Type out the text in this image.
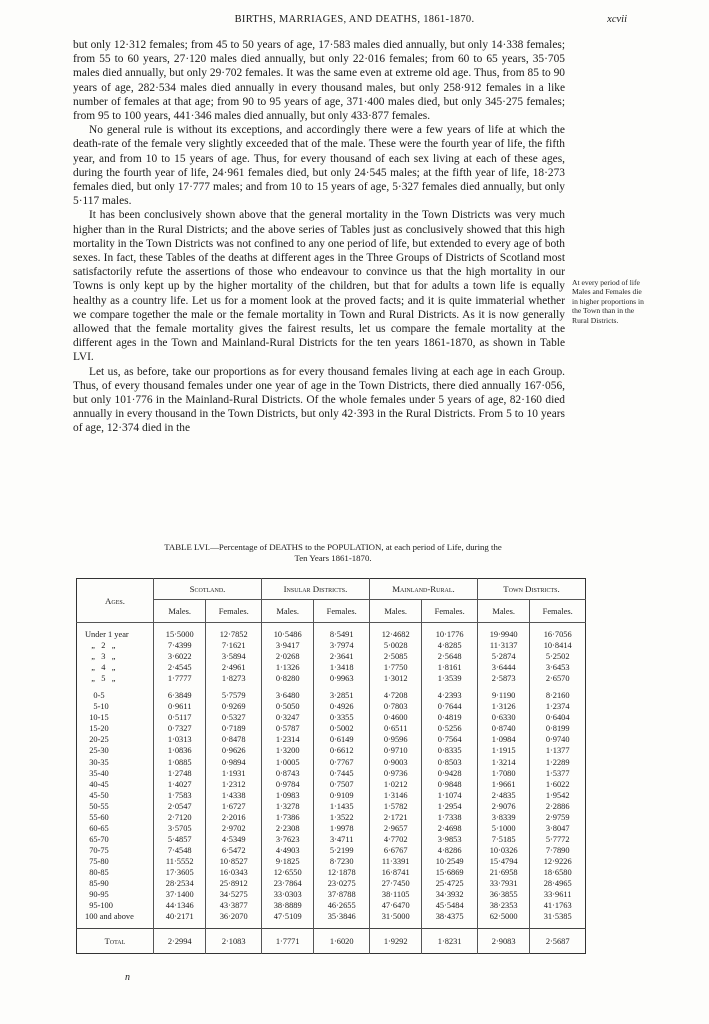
BIRTHS, MARRIAGES, AND DEATHS, 1861-1870.	xcvii

but only 12·312 females; from 45 to 50 years of age, 17·583 males died annually, but only 14·338 females; from 55 to 60 years, 27·120 males died annually, but only 22·016 females; from 60 to 65 years, 35·705 males died annually, but only 29·702 females. It was the same even at extreme old age. Thus, from 85 to 90 years of age, 282·534 males died annually in every thousand males, but only 258·912 females in a like number of females at that age; from 90 to 95 years of age, 371·400 males died, but only 345·275 females; from 95 to 100 years, 441·346 males died annually, but only 433·877 females.

No general rule is without its exceptions, and accordingly there were a few years of life at which the death-rate of the female very slightly exceeded that of the male. These were the fourth year of life, the fifth year, and from 10 to 15 years of age. Thus, for every thousand of each sex living at each of these ages, during the fourth year of life, 24·961 females died, but only 24·545 males; at the fifth year of life, 18·273 females died, but only 17·777 males; and from 10 to 15 years of age, 5·327 females died annually, but only 5·117 males.

It has been conclusively shown above that the general mortality in the Town Districts was very much higher than in the Rural Districts; and the above series of Tables just as conclusively showed that this high mortality in the Town Districts was not confined to any one period of life, but extended to every age of both sexes. In fact, these Tables of the deaths at different ages in the Three Groups of Districts of Scotland most satisfactorily refute the assertions of those who endeavour to convince us that the high mortality in our Towns is only kept up by the higher mortality of the children, but that for adults a town life is equally healthy as a country life. Let us for a moment look at the proved facts; and it is quite immaterial whether we compare together the male or the female mortality in Town and Rural Districts. As it is now generally allowed that the female mortality gives the fairest results, let us compare the female mortality at the different ages in the Town and Mainland-Rural Districts for the ten years 1861-1870, as shown in Table LVI.

Let us, as before, take our proportions as for every thousand females living at each age in each Group. Thus, of every thousand females under one year of age in the Town Districts, there died annually 167·056, but only 101·776 in the Mainland-Rural Districts. Of the whole females under 5 years of age, 82·160 died annually in every thousand in the Town Districts, but only 42·393 in the Rural Districts. From 5 to 10 years of age, 12·374 died in the

At every period of life Males and Females die in higher proportions in the Town than in the Rural Districts.
TABLE LVI.—Percentage of DEATHS to the POPULATION, at each period of Life, during the
Ten Years 1861-1870.
Ages.	Scotland.		Insular Districts.		Mainland-Rural.		Town Districts.	
	Males.	Females.	Males.	Females.	Males.	Females.	Males.	Females.

Under 1 year	15·5000	12·7852	10·5486	8·5491	12·4682	10·1776	19·9940	16·7056
„   2   „	7·4399	7·1621	3·9417	3·7974	5·0028	4·8285	11·3137	10·8414
„   3   „	3·6022	3·5894	2·0268	2·3641	2·5085	2·5648	5·2874	5·2502
„   4   „	2·4545	2·4961	1·1326	1·3418	1·7750	1·8161	3·6444	3·6453
„   5   „	1·7777	1·8273	0·8280	0·9963	1·3012	1·3539	2·5873	2·6570

0-5	6·3849	5·7579	3·6480	3·2851	4·7208	4·2393	9·1190	8·2160
5-10	0·9611	0·9269	0·5050	0·4926	0·7803	0·7644	1·3126	1·2374
10-15	0·5117	0·5327	0·3247	0·3355	0·4600	0·4819	0·6330	0·6404
15-20	0·7327	0·7189	0·5787	0·5002	0·6511	0·5256	0·8740	0·8199
20-25	1·0313	0·8478	1·2314	0·6149	0·9596	0·7564	1·0984	0·9740
25-30	1·0836	0·9626	1·3200	0·6612	0·9710	0·8335	1·1915	1·1377
30-35	1·0885	0·9894	1·0005	0·7767	0·9003	0·8503	1·3214	1·2289
35-40	1·2748	1·1931	0·8743	0·7445	0·9736	0·9428	1·7080	1·5377
40-45	1·4027	1·2312	0·9784	0·7507	1·0212	0·9848	1·9661	1·6022
45-50	1·7583	1·4338	1·0983	0·9109	1·3146	1·1074	2·4835	1·9542
50-55	2·0547	1·6727	1·3278	1·1435	1·5782	1·2954	2·9076	2·2886
55-60	2·7120	2·2016	1·7386	1·3522	2·1721	1·7338	3·8339	2·9759
60-65	3·5705	2·9702	2·2308	1·9978	2·9657	2·4698	5·1000	3·8047
65-70	5·4857	4·5349	3·7623	3·4711	4·7702	3·9853	7·5185	5·7772
70-75	7·4548	6·5472	4·4903	5·2199	6·6767	4·8286	10·0326	7·7890
75-80	11·5552	10·8527	9·1825	8·7230	11·3391	10·2549	15·4794	12·9226
80-85	17·3605	16·0343	12·6550	12·1878	16·8741	15·6869	21·6958	18·6580
85-90	28·2534	25·8912	23·7864	23·0275	27·7450	25·4725	33·7931	28·4965
90-95	37·1400	34·5275	33·0303	37·8788	38·1105	34·3932	36·3855	33·9611
95-100	44·1346	43·3877	38·8889	46·2655	47·6470	45·5484	38·2353	41·1763
100 and above	40·2171	36·2070	47·5109	35·3846	31·5000	38·4375	62·5000	31·5385

Total	2·2994	2·1083	1·7771	1·6020	1·9292	1·8231	2·9083	2·5687
n
